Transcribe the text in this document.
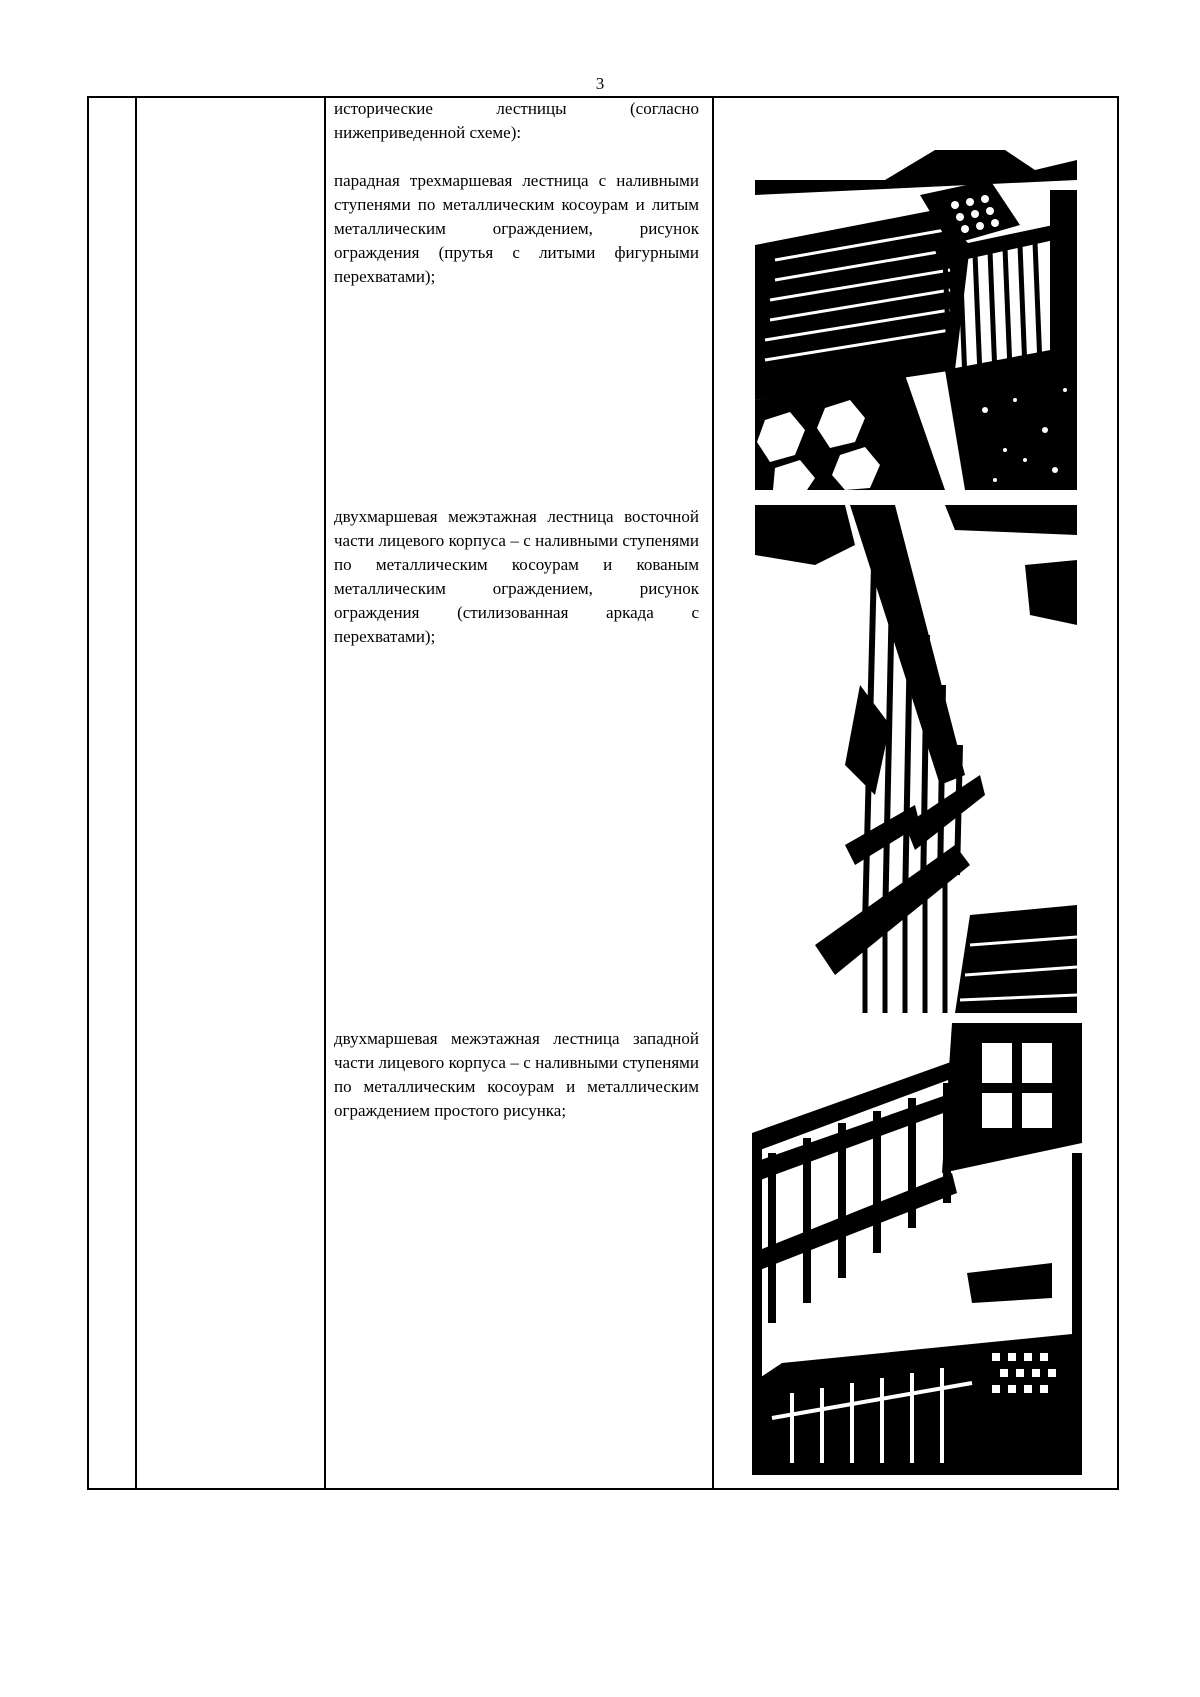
3
исторические лестницы (согласно нижеприведенной схеме):
парадная трехмаршевая лестница с наливными ступенями по металлическим косоурам и литым металлическим ограждением, рисунок ограждения (прутья с литыми фигурными перехватами);
двухмаршевая межэтажная лестница восточной части лицевого корпуса – с наливными ступенями по металлическим косоурам и кованым металлическим ограждением, рисунок ограждения (стилизованная аркада с перехватами);
двухмаршевая межэтажная лестница западной части лицевого корпуса – с наливными ступенями по металлическим косоурам и металлическим ограждением простого рисунка;
